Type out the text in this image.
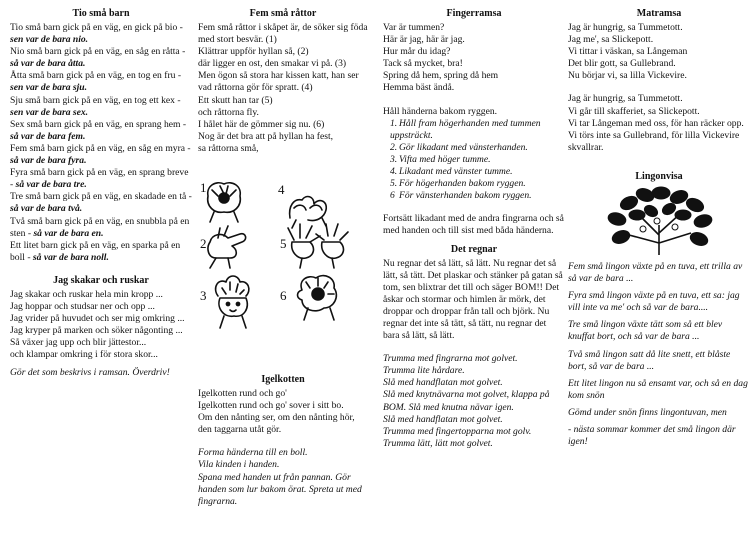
Tio små barn

Tio små barn gick på en väg, en gick på bio - sen var de bara nio.

Nio små barn gick på en väg, en såg en råtta - så var de bara åtta.

Åtta små barn gick på en väg, en tog en fru - sen var de bara sju.

Sju små barn gick på en väg, en tog ett kex - sen var de bara sex.

Sex små barn gick på en väg, en sprang hem - så var de bara fem.

Fem små barn gick på en väg, en såg en myra - så var de bara fyra.

Fyra små barn gick på en väg, en sprang breve - så var de bara tre.

Tre små barn gick på en väg, en skadade en tå - så var de bara två.

Två små barn gick på en väg, en snubbla på en sten - så var de bara en.

Ett litet barn gick på en väg, en sparka på en boll - så var de bara noll.

Jag skakar och ruskar

Jag skakar och ruskar hela min kropp ...

Jag hoppar och studsar ner och opp ...

Jag vrider på huvudet och ser mig omkring ...

Jag kryper på marken och söker någonting ...

Så växer jag upp och blir jättestor...

och klampar omkring i för stora skor...

Gör det som beskrivs i ramsan. Överdriv!

Fem små råttor

Fem små råttor i skåpet är, de söker sig föda med stort besvär. (1)

Klättrar uppför hyllan så, (2)

där ligger en ost, den smakar vi på. (3)

Men ögon så stora har kissen katt, han ser vad råttorna gör för spratt. (4)

Ett skutt han tar (5)

och råttorna fly.

I hålet här de gömmer sig nu. (6)

Nog är det bra att på hyllan ha fest,

sa råttorna små,

1	4
2	5
3	6
Igelkotten

Igelkotten rund och go'

Igelkotten rund och go' sover i sitt bo.

Om den nånting ser, om den nånting hör, den taggarna utåt gör.

Forma händerna till en boll.

Vila kinden i handen.

Spana med handen ut från pannan. Gör handen som lur bakom örat. Spreta ut med fingrarna.

Fingerramsa

Var är tummen?

Här är jag, här är jag.

Hur mår du idag?

Tack så mycket, bra!

Spring då hem, spring då hem

Hemma bäst ändå.

Håll händerna bakom ryggen.

1. Håll fram högerhanden med tummen uppsträckt.
2. Gör likadant med vänsterhanden.
3. Vifta med höger tumme.
4. Likadant med vänster tumme.
5. För högerhanden bakom ryggen.
6 För vänsterhanden bakom ryggen.

Fortsätt likadant med de andra fingrarna och så med handen och till sist med båda händerna.

Det regnar

Nu regnar det så lätt, så lätt. Nu regnar det så lätt, så tätt. Det plaskar och stänker på gatan så tom, sen blixtrar det till och säger BOM!! Det åskar och stormar och himlen är mörk, det droppar och droppar från tall och björk. Nu regnar det inte så tätt, så tätt, nu regnar det bara så lätt, så lätt.

Trumma med fingrarna mot golvet.

Trumma lite hårdare.

Slå med handflatan mot golvet.

Slå med knytnävarna mot golvet, klappa på BOM. Slå med knutna nävar igen.

Slå med handflatan mot golvet.

Trumma med fingertopparna mot golv.

Trumma lätt, lätt mot golvet.

Matramsa

Jag är hungrig, sa Tummetott.

Jag me', sa Slickepott.

Vi tittar i väskan, sa Långeman

Det blir gott, sa Gullebrand.

Nu börjar vi, sa lilla Vickevire.

Jag är hungrig, sa Tummetott.

Vi går till skafferiet, sa Slickepott.

Vi tar Långeman med oss, för han räcker opp.

Vi törs inte sa Gullebrand, för lilla Vickevire skvallrar.

Lingonvisa

Fem små lingon växte på en tuva, ett trilla av så var de bara ...

Fyra små lingon växte på en tuva, ett sa: jag vill inte va me' och så var de bara....

Tre små lingon växte tätt som så ett blev knuffat bort, och så var de bara ...

Två små lingon satt då lite snett, ett blåste bort, så var de bara ...

Ett litet lingon nu så ensamt var, och så en dag kom snön

Gömd under snön finns lingontuvan, men

- nästa sommar kommer det små lingon där igen!
